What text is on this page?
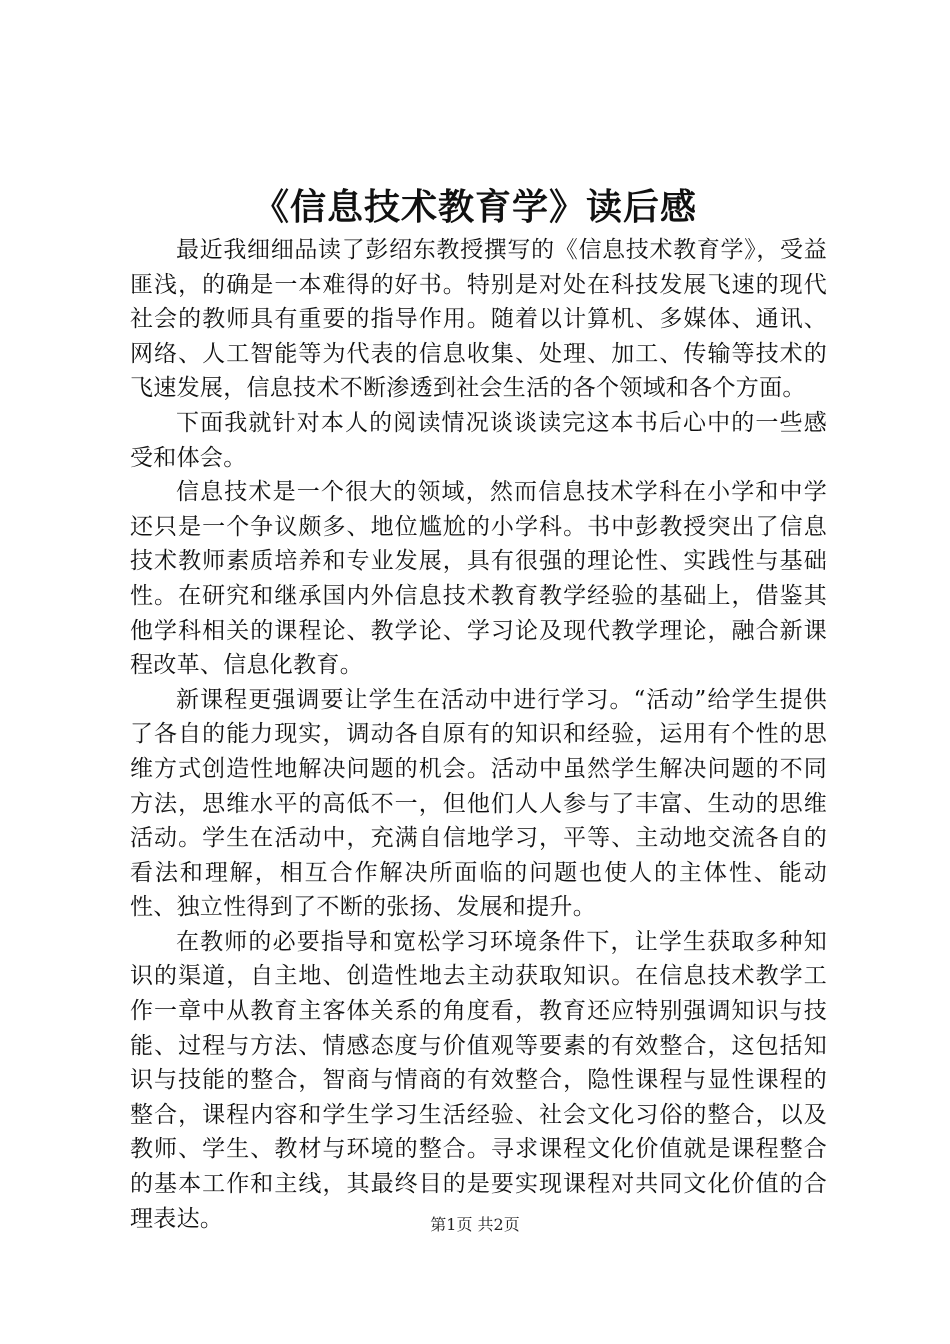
《信息技术教育学》读后感

最近我细细品读了彭绍东教授撰写的《信息技术教育学》，受益匪浅，的确是一本难得的好书。特别是对处在科技发展飞速的现代社会的教师具有重要的指导作用。随着以计算机、多媒体、通讯、网络、人工智能等为代表的信息收集、处理、加工、传输等技术的飞速发展，信息技术不断渗透到社会生活的各个领域和各个方面。

下面我就针对本人的阅读情况谈谈读完这本书后心中的一些感受和体会。

信息技术是一个很大的领域，然而信息技术学科在小学和中学还只是一个争议颇多、地位尴尬的小学科。书中彭教授突出了信息技术教师素质培养和专业发展，具有很强的理论性、实践性与基础性。在研究和继承国内外信息技术教育教学经验的基础上，借鉴其他学科相关的课程论、教学论、学习论及现代教学理论，融合新课程改革、信息化教育。

新课程更强调要让学生在活动中进行学习。“活动”给学生提供了各自的能力现实，调动各自原有的知识和经验，运用有个性的思维方式创造性地解决问题的机会。活动中虽然学生解决问题的不同方法，思维水平的高低不一，但他们人人参与了丰富、生动的思维活动。学生在活动中，充满自信地学习，平等、主动地交流各自的看法和理解，相互合作解决所面临的问题也使人的主体性、能动性、独立性得到了不断的张扬、发展和提升。

在教师的必要指导和宽松学习环境条件下，让学生获取多种知识的渠道，自主地、创造性地去主动获取知识。在信息技术教学工作一章中从教育主客体关系的角度看，教育还应特别强调知识与技能、过程与方法、情感态度与价值观等要素的有效整合，这包括知识与技能的整合，智商与情商的有效整合，隐性课程与显性课程的整合，课程内容和学生学习生活经验、社会文化习俗的整合，以及教师、学生、教材与环境的整合。寻求课程文化价值就是课程整合的基本工作和主线，其最终目的是要实现课程对共同文化价值的合理表达。	第1页 共2页
